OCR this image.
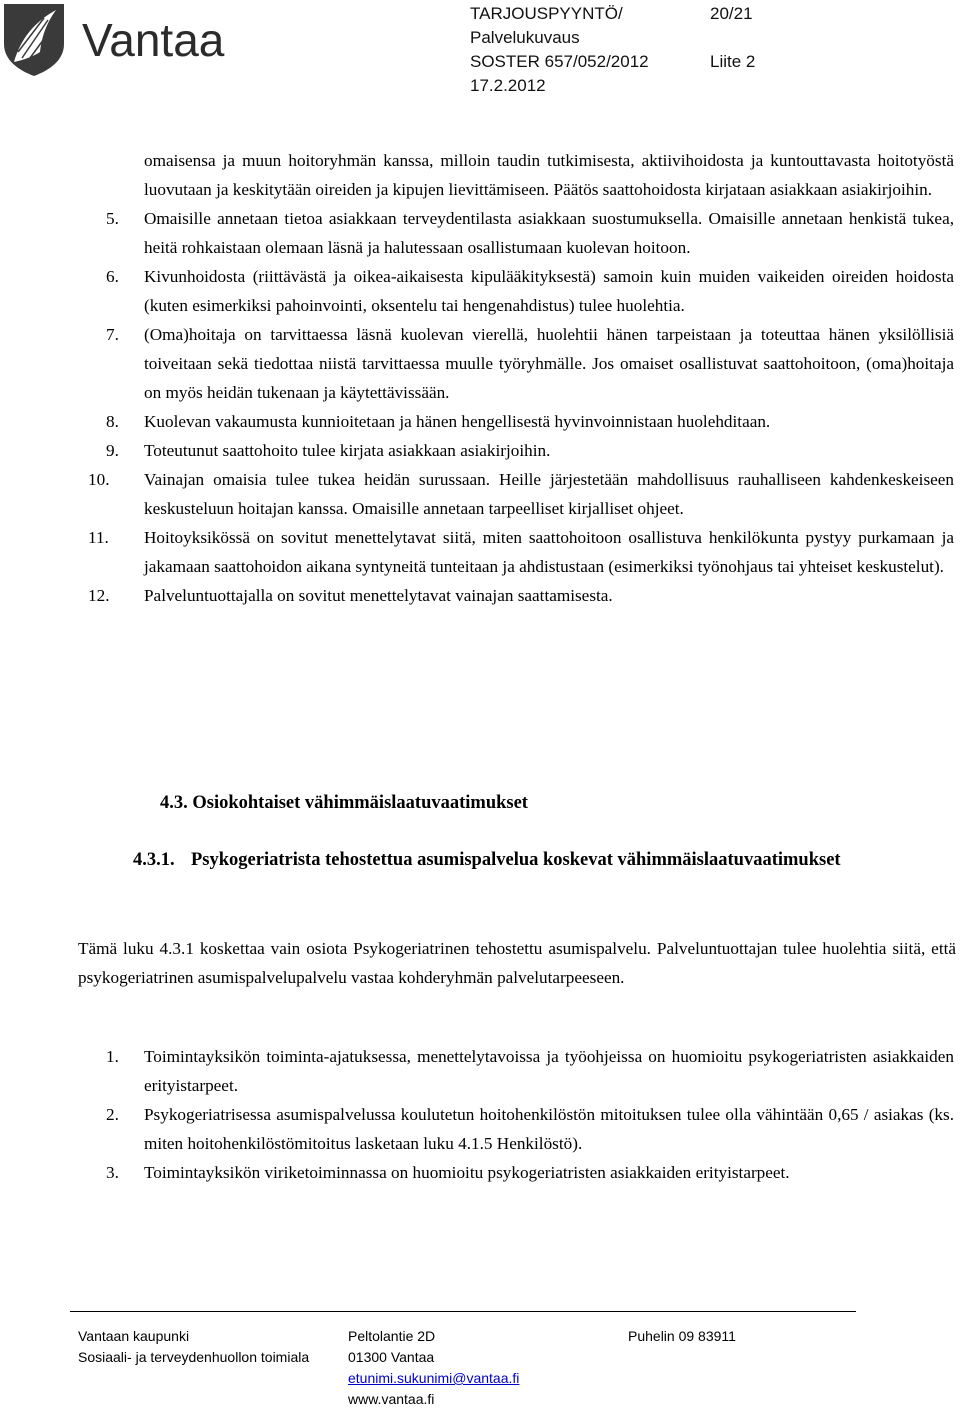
Vantaa
TARJOUSPYYNTÖ/	20/21
Palvelukuvaus
SOSTER 657/052/2012	Liite 2
17.2.2012
omaisensa ja muun hoitoryhmän kanssa, milloin taudin tutkimisesta, aktiivihoidosta ja kuntouttavasta hoitotyöstä luovutaan ja keskitytään oireiden ja kipujen lievittämiseen. Päätös saattohoidosta kirjataan asiakkaan asiakirjoihin.
5.	Omaisille annetaan tietoa asiakkaan terveydentilasta asiakkaan suostumuksella. Omaisille annetaan henkistä tukea, heitä rohkaistaan olemaan läsnä ja halutessaan osallistumaan kuolevan hoitoon.
6.	Kivunhoidosta (riittävästä ja oikea-aikaisesta kipulääkityksestä) samoin kuin muiden vaikeiden oireiden hoidosta (kuten esimerkiksi pahoinvointi, oksentelu tai hengenahdistus) tulee huolehtia.
7.	(Oma)hoitaja on tarvittaessa läsnä kuolevan vierellä, huolehtii hänen tarpeistaan ja toteuttaa hänen yksilöllisiä toiveitaan sekä tiedottaa niistä tarvittaessa muulle työryhmälle. Jos omaiset osallistuvat saattohoitoon, (oma)hoitaja on myös heidän tukenaan ja käytettävissään.
8.	Kuolevan vakaumusta kunnioitetaan ja hänen hengellisestä hyvinvoinnistaan huolehditaan.
9.	Toteutunut saattohoito tulee kirjata asiakkaan asiakirjoihin.
10.	Vainajan omaisia tulee tukea heidän surussaan. Heille järjestetään mahdollisuus rauhalliseen kahdenkeskeiseen keskusteluun hoitajan kanssa. Omaisille annetaan tarpeelliset kirjalliset ohjeet.
11.	Hoitoyksikössä on sovitut menettelytavat siitä, miten saattohoitoon osallistuva henkilökunta pystyy purkamaan ja jakamaan saattohoidon aikana syntyneitä tunteitaan ja ahdistustaan (esimerkiksi työnohjaus tai yhteiset keskustelut).
12.	Palveluntuottajalla on sovitut menettelytavat vainajan saattamisesta.
4.3. Osiokohtaiset vähimmäislaatuvaatimukset
4.3.1. Psykogeriatrista tehostettua asumispalvelua koskevat vähimmäislaatuvaatimukset
Tämä luku 4.3.1 koskettaa vain osiota Psykogeriatrinen tehostettu asumispalvelu. Palveluntuottajan tulee huolehtia siitä, että psykogeriatrinen asumispalvelupalvelu vastaa kohderyhmän palvelutarpeeseen.
1.	Toimintayksikön toiminta-ajatuksessa, menettelytavoissa ja työohjeissa on huomioitu psykogeriatristen asiakkaiden erityistarpeet.
2.	Psykogeriatrisessa asumispalvelussa koulutetun hoitohenkilöstön mitoituksen tulee olla vähintään 0,65 / asiakas (ks. miten hoitohenkilöstömitoitus lasketaan luku 4.1.5 Henkilöstö).
3.	Toimintayksikön viriketoiminnassa on huomioitu psykogeriatristen asiakkaiden erityistarpeet.
Vantaan kaupunki
Sosiaali- ja terveydenhuollon toimiala
Peltolantie 2D
01300 Vantaa
etunimi.sukunimi@vantaa.fi
www.vantaa.fi
Puhelin 09 83911
